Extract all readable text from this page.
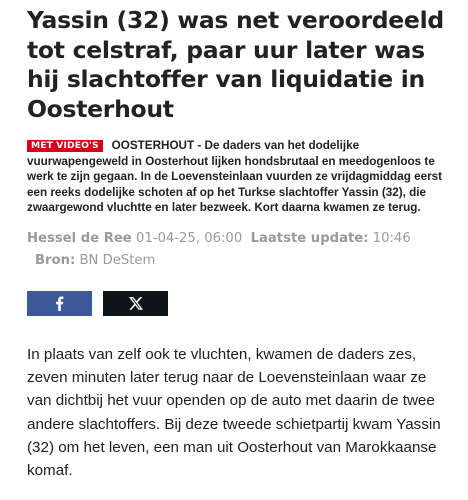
Yassin (32) was net veroordeeld tot celstraf, paar uur later was hij slachtoffer van liquidatie in Oosterhout
MET VIDEO'S OOSTERHOUT - De daders van het dodelijke vuurwapengeweld in Oosterhout lijken hondsbrutaal en meedogenloos te werk te zijn gegaan. In de Loevensteinlaan vuurden ze vrijdagmiddag eerst een reeks dodelijke schoten af op het Turkse slachtoffer Yassin (32), die zwaargewond vluchtte en later bezweek. Kort daarna kwamen ze terug.
Hessel de Ree 01-04-25, 06:00 Laatste update: 10:46
Bron: BN DeStem

In plaats van zelf ook te vluchten, kwamen de daders zes, zeven minuten later terug naar de Loevensteinlaan waar ze van dichtbij het vuur openden op de auto met daarin de twee andere slachtoffers. Bij deze tweede schietpartij kwam Yassin (32) om het leven, een man uit Oosterhout van Marokkaanse komaf.
